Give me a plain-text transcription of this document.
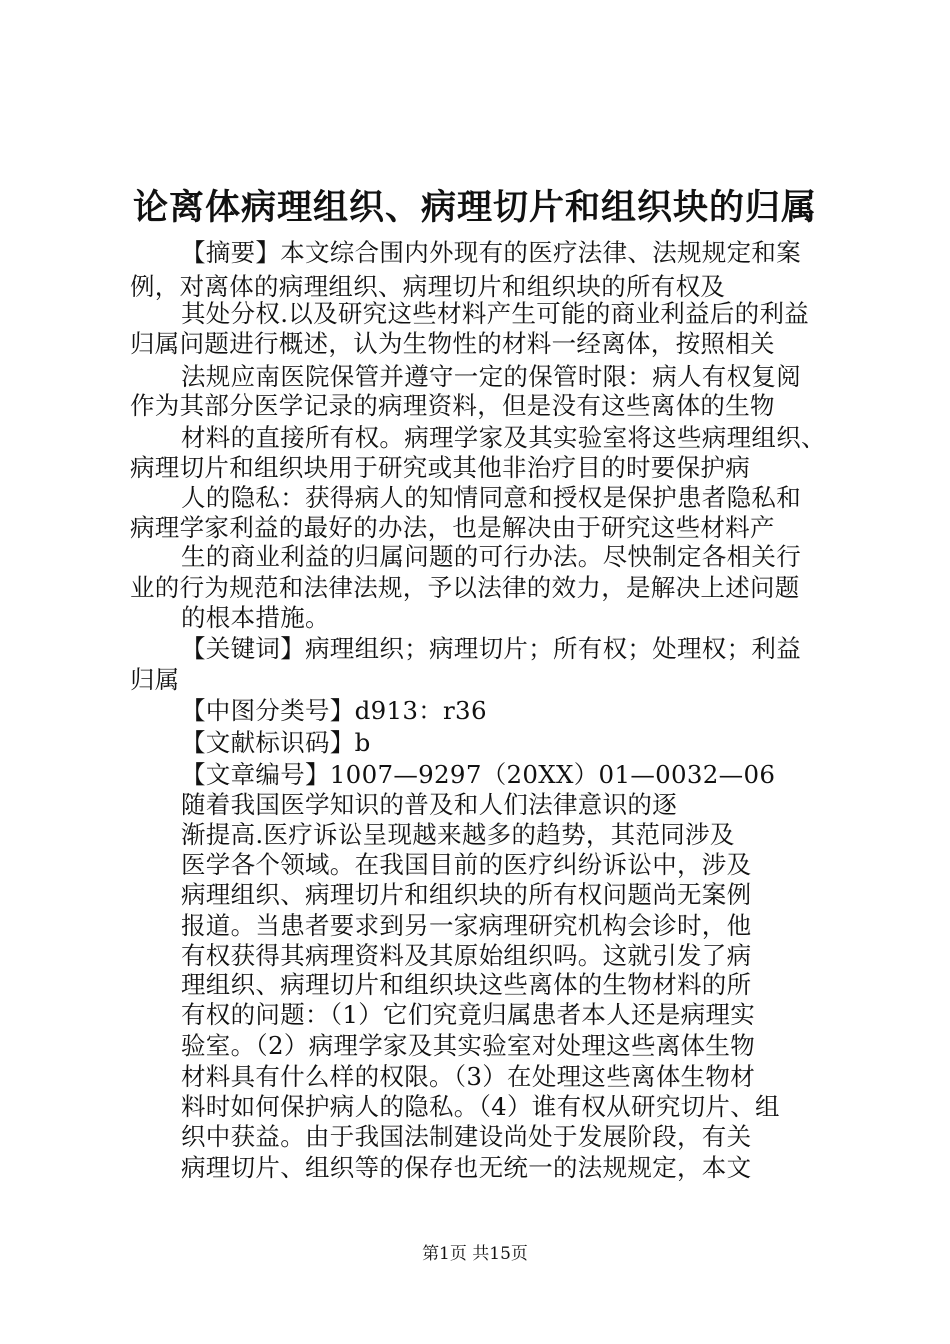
论离体病理组织、病理切片和组织块的归属

【摘要】本文综合围内外现有的医疗法律、法规规定和案

例，对离体的病理组织、病理切片和组织块的所有权及

其处分权.以及研究这些材料产生可能的商业利益后的利益

归属问题进行概述，认为生物性的材料一经离体，按照相关

法规应南医院保管并遵守一定的保管时限：病人有权复阅

作为其部分医学记录的病理资料，但是没有这些离体的生物

材料的直接所有权。病理学家及其实验室将这些病理组织、

病理切片和组织块用于研究或其他非治疗目的时要保护病

人的隐私：获得病人的知情同意和授权是保护患者隐私和

病理学家利益的最好的办法，也是解决由于研究这些材料产

生的商业利益的归属问题的可行办法。尽怏制定各相关行

业的行为规范和法律法规，予以法律的效力，是解决上述问题

的根本措施。

【关键词】病理组织；病理切片；所有权；处理权；利益

归属

【中图分类号】d913：r36

【文献标识码】b

【文章编号】1007—9297（20XX）01—0032—06

随着我国医学知识的普及和人们法律意识的逐

渐提高.医疗诉讼呈现越来越多的趋势，其范同涉及

医学各个领域。在我国目前的医疗纠纷诉讼中，涉及

病理组织、病理切片和组织块的所有权问题尚无案例

报道。当患者要求到另一家病理研究机构会诊时，他

有权获得其病理资料及其原始组织吗。这就引发了病

理组织、病理切片和组织块这些离体的生物材料的所

有权的问题：（1）它们究竟归属患者本人还是病理实

验室。（2）病理学家及其实验室对处理这些离体生物

材料具有什么样的权限。（3）在处理这些离体生物材

料时如何保护病人的隐私。（4）谁有权从研究切片、组

织中获益。由于我国法制建设尚处于发展阶段，有关

病理切片、组织等的保存也无统一的法规规定，本文

第1页 共15页
